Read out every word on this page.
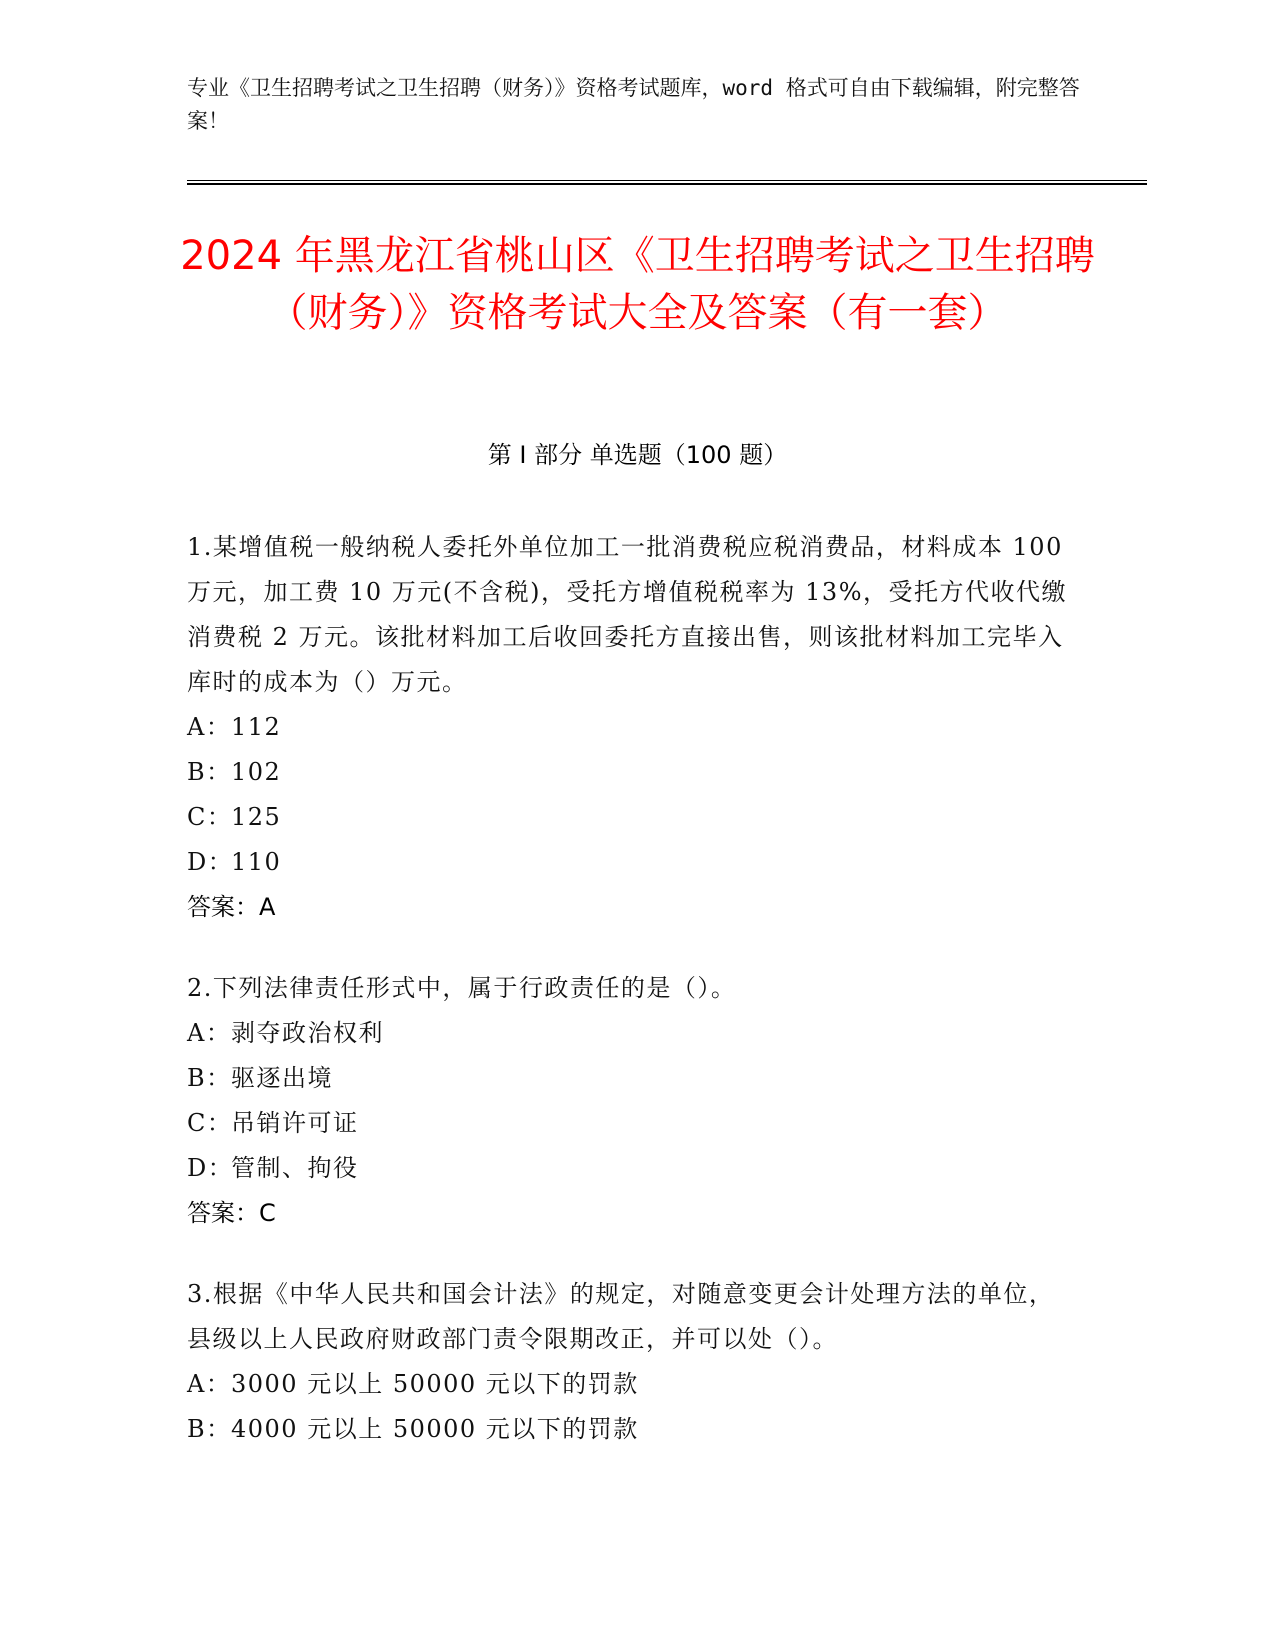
专业《卫生招聘考试之卫生招聘（财务）》资格考试题库，word 格式可自由下载编辑，附完整答案！
2024 年黑龙江省桃山区《卫生招聘考试之卫生招聘（财务）》资格考试大全及答案（有一套）
第 I 部分 单选题（100 题）

1.某增值税一般纳税人委托外单位加工一批消费税应税消费品，材料成本 100 万元，加工费 10 万元(不含税)，受托方增值税税率为 13%，受托方代收代缴消费税 2 万元。该批材料加工后收回委托方直接出售，则该批材料加工完毕入库时的成本为（）万元。

A：112
B：102
C：125
D：110
答案：A

2.下列法律责任形式中，属于行政责任的是（）。

A：剥夺政治权利
B：驱逐出境
C：吊销许可证
D：管制、拘役
答案：C

3.根据《中华人民共和国会计法》的规定，对随意变更会计处理方法的单位，县级以上人民政府财政部门责令限期改正，并可以处（）。

A：3000 元以上 50000 元以下的罚款
B：4000 元以上 50000 元以下的罚款
